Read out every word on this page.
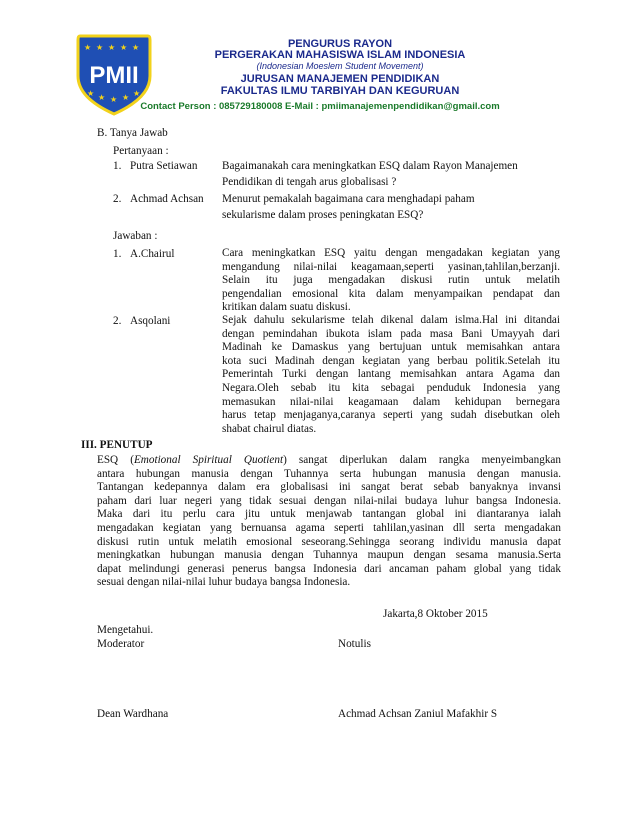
★ ★ ★ ★ ★
★ ★ ★ ★ ★
PMII
PENGURUS RAYON
PERGERAKAN MAHASISWA ISLAM INDONESIA
(Indonesian Moeslem Student Movement)
JURUSAN MANAJEMEN PENDIDIKAN
FAKULTAS ILMU TARBIYAH DAN KEGURUAN
Contact Person : 085729180008 E-Mail : pmiimanajemenpendidikan@gmail.com
B. Tanya Jawab
Pertanyaan :
1. Putra Setiawan Bagaimanakah cara meningkatkan ESQ dalam Rayon Manajemen
Pendidikan di tengah arus globalisasi ?
2. Achmad Achsan Menurut pemakalah bagaimana cara menghadapi paham
sekularisme dalam proses peningkatan ESQ?
Jawaban :
1. A.Chairul	Cara meningkatkan ESQ yaitu dengan mengadakan kegiatan yang
mengandung nilai-nilai keagamaan,seperti yasinan,tahlilan,berzanji.
Selain itu juga mengadakan diskusi rutin untuk melatih
pengendalian emosional kita dalam menyampaikan pendapat dan
kritikan dalam suatu diskusi.
2. Asqolani	Sejak dahulu sekularisme telah dikenal dalam islma.Hal ini ditandai
dengan pemindahan ibukota islam pada masa Bani Umayyah dari
Madinah ke Damaskus yang bertujuan untuk memisahkan antara
kota suci Madinah dengan kegiatan yang berbau politik.Setelah itu
Pemerintah Turki dengan lantang memisahkan antara Agama dan
Negara.Oleh sebab itu kita sebagai penduduk Indonesia yang
memasukan nilai-nilai keagamaan dalam kehidupan bernegara
harus tetap menjaganya,caranya seperti yang sudah disebutkan oleh
shabat chairul diatas.
III. PENUTUP
ESQ (Emotional Spiritual Quotient) sangat diperlukan dalam rangka menyeimbangkan
antara hubungan manusia dengan Tuhannya serta hubungan manusia dengan manusia.
Tantangan kedepannya dalam era globalisasi ini sangat berat sebab banyaknya invansi
paham dari luar negeri yang tidak sesuai dengan nilai-nilai budaya luhur bangsa Indonesia.
Maka dari itu perlu cara jitu untuk menjawab tantangan global ini diantaranya ialah
mengadakan kegiatan yang bernuansa agama seperti tahlilan,yasinan dll serta mengadakan
diskusi rutin untuk melatih emosional seseorang.Sehingga seorang individu manusia dapat
meningkatkan hubungan manusia dengan Tuhannya maupun dengan sesama manusia.Serta
dapat melindungi generasi penerus bangsa Indonesia dari ancaman paham global yang tidak
sesuai dengan nilai-nilai luhur budaya bangsa Indonesia.
Jakarta,8 Oktober 2015
Mengetahui.
Moderator	Notulis
Dean Wardhana	Achmad Achsan Zaniul Mafakhir S
